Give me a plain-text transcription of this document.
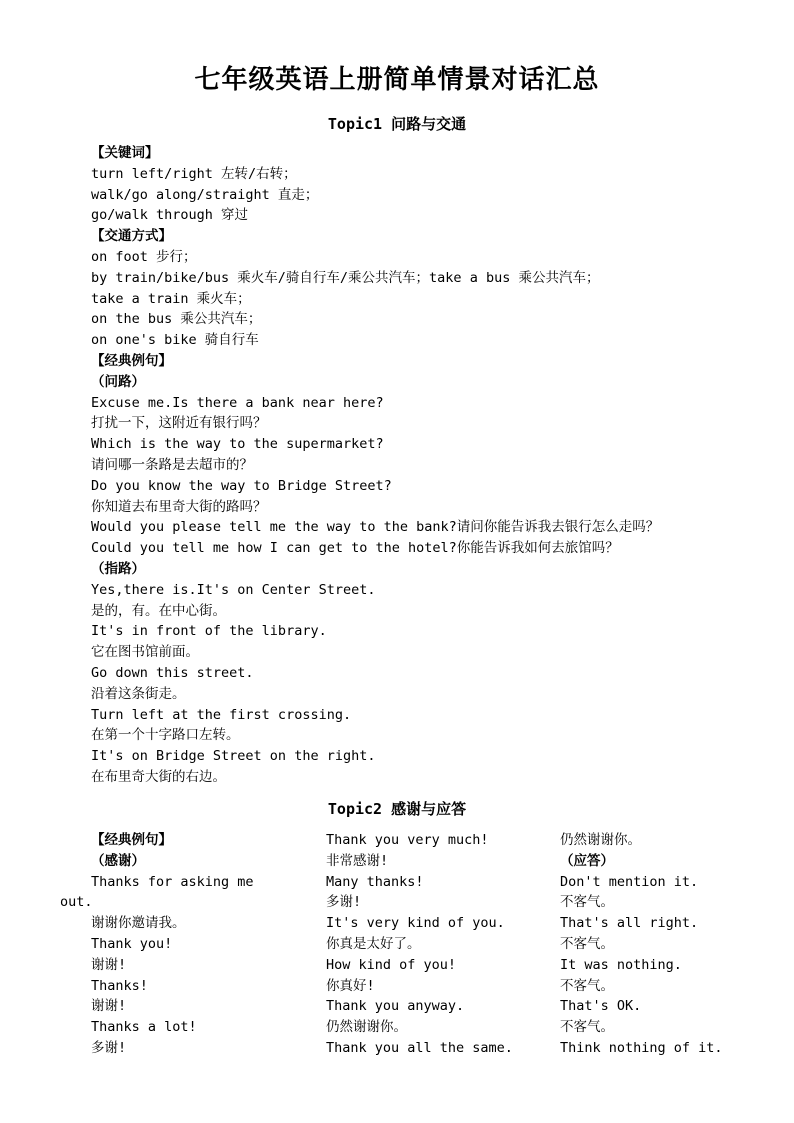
七年级英语上册简单情景对话汇总
Topic1 问路与交通
【关键词】
turn left/right 左转/右转；
walk/go along/straight 直走；
go/walk through 穿过
【交通方式】
on foot 步行；
by train/bike/bus 乘火车/骑自行车/乘公共汽车；take a bus 乘公共汽车；
take a train 乘火车；
on the bus 乘公共汽车；
on one's bike 骑自行车
【经典例句】
（问路）
Excuse me.Is there a bank near here?
打扰一下，这附近有银行吗？
Which is the way to the supermarket?
请问哪一条路是去超市的？
Do you know the way to Bridge Street?
你知道去布里奇大街的路吗？
Would you please tell me the way to the bank?请问你能告诉我去银行怎么走吗？
Could you tell me how I can get to the hotel?你能告诉我如何去旅馆吗？
（指路）
Yes,there is.It's on Center Street.
是的，有。在中心街。
It's in front of the library.
它在图书馆前面。
Go down this street.
沿着这条街走。
Turn left at the first crossing.
在第一个十字路口左转。
It's on Bridge Street on the right.
在布里奇大街的右边。
Topic2 感谢与应答
【经典例句】
（感谢）
Thanks for asking me
out.
谢谢你邀请我。
Thank you!
谢谢!
Thanks!
谢谢!
Thanks a lot!
多谢!
Thank you very much!
非常感谢!
Many thanks!
多谢!
It's very kind of you.
你真是太好了。
How kind of you!
你真好!
Thank you anyway.
仍然谢谢你。
Thank you all the same.
仍然谢谢你。
（应答）
Don't mention it.
不客气。
That's all right.
不客气。
It was nothing.
不客气。
That's OK.
不客气。
Think nothing of it.
